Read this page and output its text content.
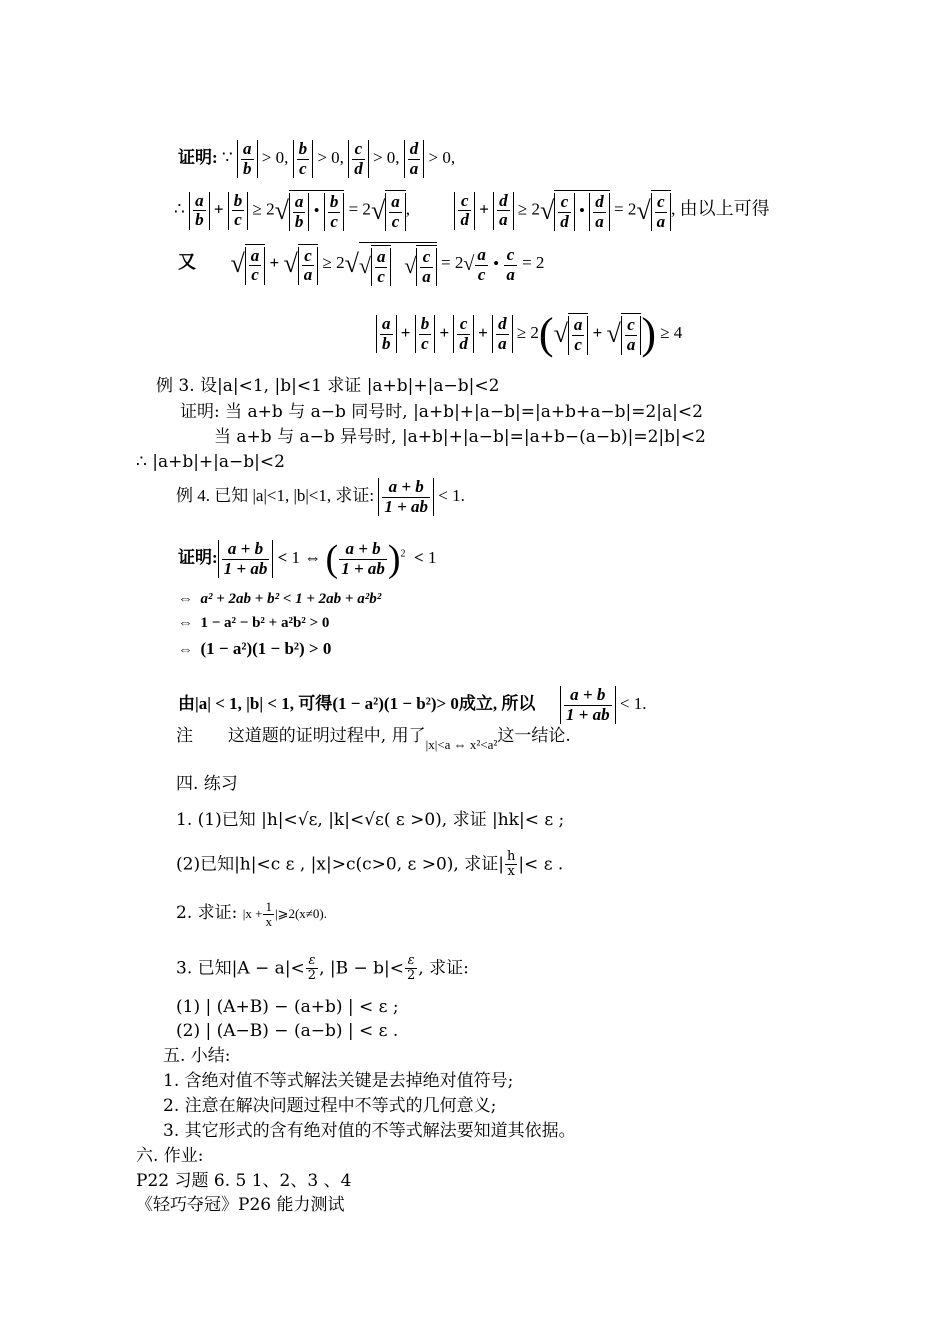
证明: ∵ $\frac{a}{b} > 0$, $\frac{b}{c} > 0$, $\frac{c}{d} > 0$, $\frac{d}{a} > 0$,
∴ $\frac{a}{b} + \frac{b}{c} \ge 2√ \frac{a}{b}$ • $\frac{b}{c} = 2√ \frac{a}{c}$ ,	$\frac{c}{d} + \frac{d}{a} \ge 2√ \frac{c}{d}$ • $\frac{d}{a} = 2√ \frac{c}{a}$ , 由以上可得
又 √ $\frac{a}{c}$ + √ $\frac{c}{a} \ge 2√√ \frac{a}{c}$ √ $\frac{c}{a} = 2√ \frac{a}{c}$ • $\frac{c}{a} = 2$
$\frac{a}{b} + \frac{b}{c} + \frac{c}{d} + \frac{d}{a} \ge 2(√ \frac{a}{c}$ + √ $\frac{c}{a}$ ) ≥ 4
例 3. 设|a|<1, |b|<1 求证 |a+b|+|a−b|<2
证明: 当 a+b 与 a−b 同号时, |a+b|+|a−b|=|a+b+a−b|=2|a|<2
当 a+b 与 a−b 异号时, |a+b|+|a−b|=|a+b−(a−b)|=2|b|<2
∴ |a+b|+|a−b|<2
例 4. 已知 |a|<1, |b|<1, 求证: $\frac{a + b}{1 + ab} < 1$.
证明: $\frac{a + b}{1 + ab} < 1$ ⇔ ( $\frac{a + b}{1 + ab} )^2 < 1$
⇔ a² + 2ab + b² < 1 + 2ab + a²b²
⇔ 1 − a² − b² + a²b² > 0
⇔ (1 − a²)(1 − b²) > 0
由|a| < 1, |b| < 1, 可得(1 − a²)(1 − b²)> 0成立, 所以 $\frac{a + b}{1 + ab} < 1$.
注 这道题的证明过程中, 用了$_{|x|<a \Leftrightarrow x^2<a^2}$这一结论.
四. 练习
1. (1)已知 |h|<√ε, |k|<√ε( ε >0), 求证 |hk|< ε ;
(2)已知|h|<c ε , |x|>c(c>0, ε >0), 求证| $\frac{h}{x}$ |< ε .
2. 求证: $|x + \frac{1}{x}$ |⩾2(x≠0).
3. 已知$|A - a|< \frac{\varepsilon}{2}$ , $|B - b|< \frac{\varepsilon}{2}$ , 求证:
(1) | (A+B) − (a+b) | < ε ;
(2) | (A−B) − (a−b) | < ε .
五. 小结:
1. 含绝对值不等式解法关键是去掉绝对值符号;
2. 注意在解决问题过程中不等式的几何意义;
3. 其它形式的含有绝对值的不等式解法要知道其依据。
六. 作业:
P22 习题 6. 5 1、2、3 、4
《轻巧夺冠》P26 能力测试
